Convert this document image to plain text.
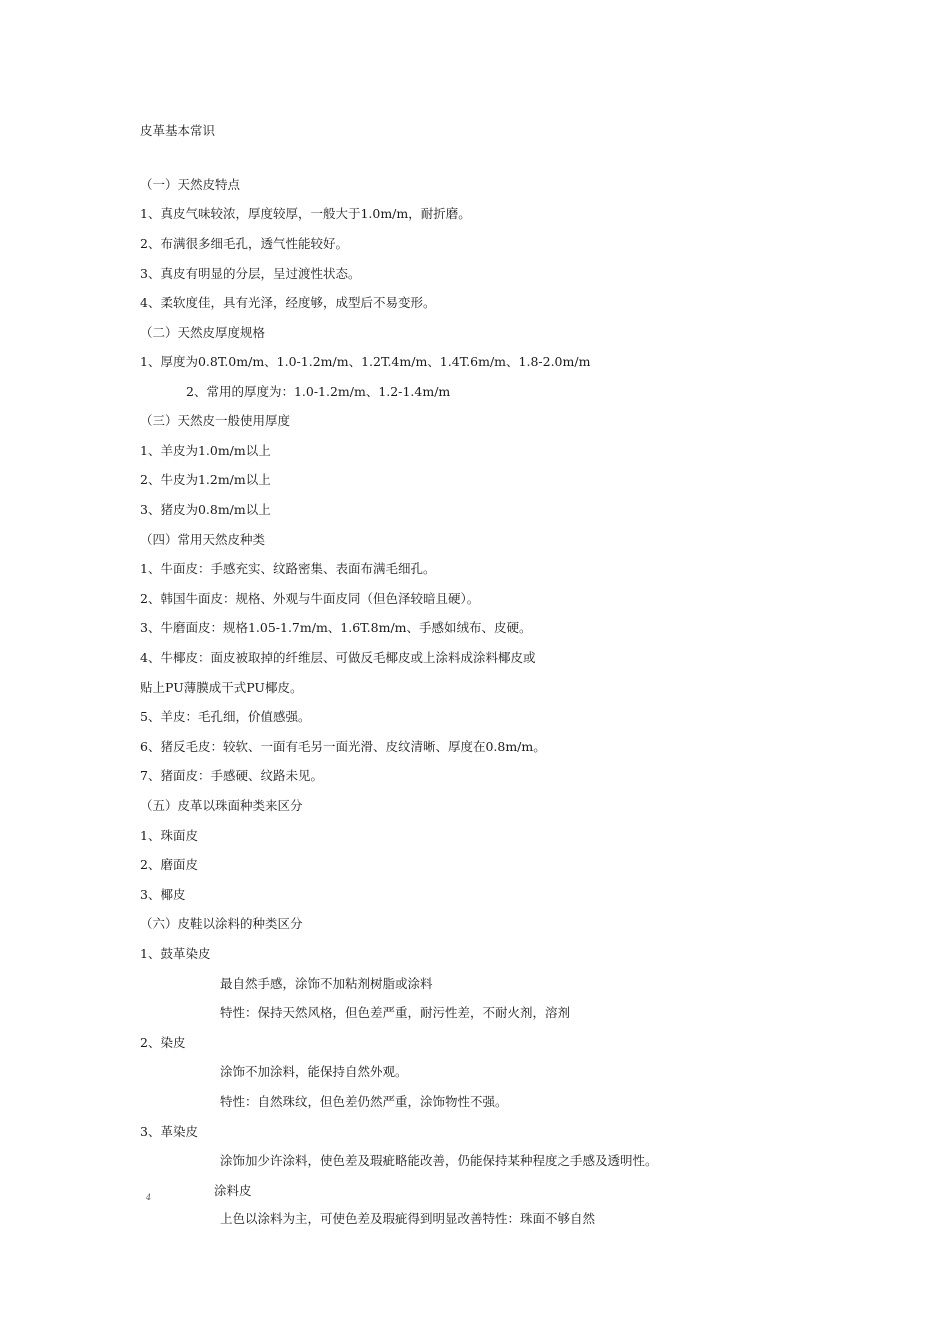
皮革基本常识
（一）天然皮特点
1、真皮气味较浓，厚度较厚，一般大于1.0m/m，耐折磨。
2、布满很多细毛孔，透气性能较好。
3、真皮有明显的分层，呈过渡性状态。
4、柔软度佳，具有光泽，经度够，成型后不易变形。
（二）天然皮厚度规格
1、厚度为0.8T.0m/m、1.0-1.2m/m、1.2T.4m/m、1.4T.6m/m、1.8-2.0m/m
2、常用的厚度为：1.0-1.2m/m、1.2-1.4m/m
（三）天然皮一般使用厚度
1、羊皮为1.0m/m以上
2、牛皮为1.2m/m以上
3、猪皮为0.8m/m以上
（四）常用天然皮种类
1、牛面皮：手感充实、纹路密集、表面布满毛细孔。
2、韩国牛面皮：规格、外观与牛面皮同（但色泽较暗且硬）。
3、牛磨面皮：规格1.05-1.7m/m、1.6T.8m/m、手感如绒布、皮硬。
4、牛椰皮：面皮被取掉的纤维层、可做反毛椰皮或上涂料成涂料椰皮或
贴上PU薄膜成干式PU椰皮。
5、羊皮：毛孔细，价值感强。
6、猪反毛皮：较软、一面有毛另一面光滑、皮纹清晰、厚度在0.8m/m。
7、猪面皮：手感硬、纹路未见。
（五）皮革以珠面种类来区分
1、珠面皮
2、磨面皮
3、椰皮
（六）皮鞋以涂料的种类区分
1、鼓革染皮
最自然手感，涂饰不加粘剂树脂或涂料
特性：保持天然风格，但色差严重，耐污性差，不耐火剂，溶剂
2、染皮
涂饰不加涂料，能保持自然外观。
特性：自然珠纹，但色差仍然严重，涂饰物性不强。
3、革染皮
涂饰加少许涂料，使色差及瑕疵略能改善，仍能保持某种程度之手感及透明性。
4	涂料皮
上色以涂料为主，可使色差及瑕疵得到明显改善特性：珠面不够自然
